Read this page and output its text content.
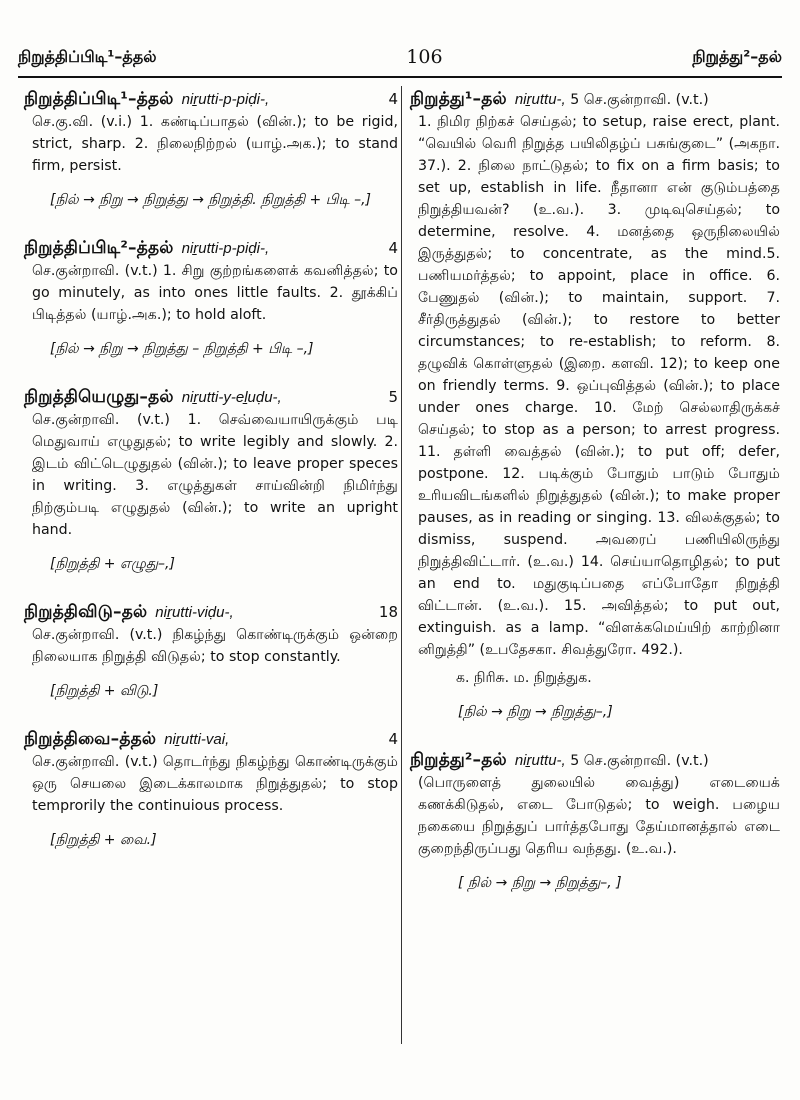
நிறுத்திப்பிடி¹–த்தல்	106	நிறுத்து²–தல்
நிறுத்திப்பிடி¹–த்தல் niṟutti-p-piḍi-,	4
செ.கு.வி. (v.i.) 1. கண்டிப்பாதல் (வின்.); to be rigid, strict, sharp. 2. நிலைநிற்றல் (யாழ்.அக.); to stand firm, persist.
[நில் → நிறு → நிறுத்து → நிறுத்தி. நிறுத்தி + பிடி –,]
நிறுத்திப்பிடி²–த்தல் niṟutti-p-piḍi-,	4
செ.குன்றாவி. (v.t.) 1. சிறு குற்றங்களைக் கவனித்தல்; to go minutely, as into ones little faults. 2. தூக்கிப் பிடித்தல் (யாழ்.அக.); to hold aloft.
[நில் → நிறு → நிறுத்து – நிறுத்தி + பிடி –,]
நிறுத்தியெழுது–தல் niṟutti-y-eḻuḍu-,	5
செ.குன்றாவி. (v.t.) 1. செவ்வையாயிருக்கும் படி மெதுவாய் எழுதுதல்; to write legibly and slowly. 2. இடம் விட்டெழுதுதல் (வின்.); to leave proper speces in writing. 3. எழுத்துகள் சாய்வின்றி நிமிர்ந்து நிற்கும்படி எழுதுதல் (வின்.); to write an upright hand.
[நிறுத்தி + எழுது–,]
நிறுத்திவிடு–தல் niṟutti-viḍu-,	18
செ.குன்றாவி. (v.t.) நிகழ்ந்து கொண்டிருக்கும் ஒன்றை நிலையாக நிறுத்தி விடுதல்; to stop constantly.
[நிறுத்தி + விடு.]
நிறுத்திவை–த்தல் niṟutti-vai,	4
செ.குன்றாவி. (v.t.) தொடர்ந்து நிகழ்ந்து கொண்டிருக்கும் ஒரு செயலை இடைக்காலமாக நிறுத்துதல்; to stop temprorily the continuious process.
[நிறுத்தி + வை.]
நிறுத்து¹–தல் niṟuttu-, 5 செ.குன்றாவி. (v.t.)
1. நிமிர நிற்கச் செய்தல்; to setup, raise erect, plant. “வெயில் வெரி நிறுத்த பயிலிதழ்ப் பசுங்குடை” (அகநா. 37.). 2. நிலை நாட்டுதல்; to fix on a firm basis; to set up, establish in life. நீதானா என் குடும்பத்தை நிறுத்தியவன்? (உ.வ.). 3. முடிவுசெய்தல்; to determine, resolve. 4. மனத்தை ஒருநிலையில் இருத்துதல்; to concentrate, as the mind.5. பணியமர்த்தல்; to appoint, place in office. 6. பேணுதல் (வின்.); to maintain, support. 7. சீர்திருத்துதல் (வின்.); to restore to better circumstances; to re-establish; to reform. 8. தழுவிக் கொள்ளுதல் (இறை. களவி. 12); to keep one on friendly terms. 9. ஒப்புவித்தல் (வின்.); to place under ones charge. 10. மேற் செல்லாதிருக்கச் செய்தல்; to stop as a person; to arrest progress. 11. தள்ளி வைத்தல் (வின்.); to put off; defer, postpone. 12. படிக்கும் போதும் பாடும் போதும் உரியவிடங்களில் நிறுத்துதல் (வின்.); to make proper pauses, as in reading or singing. 13. விலக்குதல்; to dismiss, suspend. அவரைப் பணியிலிருந்து நிறுத்திவிட்டார். (உ.வ.) 14. செய்யாதொழிதல்; to put an end to. மதுகுடிப்பதை எப்போதோ நிறுத்தி விட்டான். (உ.வ.). 15. அவித்தல்; to put out, extinguish. as a lamp. “விளக்கமெய்யிற் காற்றினா னிறுத்தி” (உபதேசகா. சிவத்துரோ. 492.).
க. நிரிசு. ம. நிறுத்துக.
[நில் → நிறு → நிறுத்து–,]
நிறுத்து²–தல் niṟuttu-, 5 செ.குன்றாவி. (v.t.)
(பொருளைத் துலையில் வைத்து) எடையைக் கணக்கிடுதல், எடை போடுதல்; to weigh. பழைய நகையை நிறுத்துப் பார்த்தபோது தேய்மானத்தால் எடை குறைந்திருப்பது தெரிய வந்தது. (உ.வ.).
[ நில் → நிறு → நிறுத்து–, ]
